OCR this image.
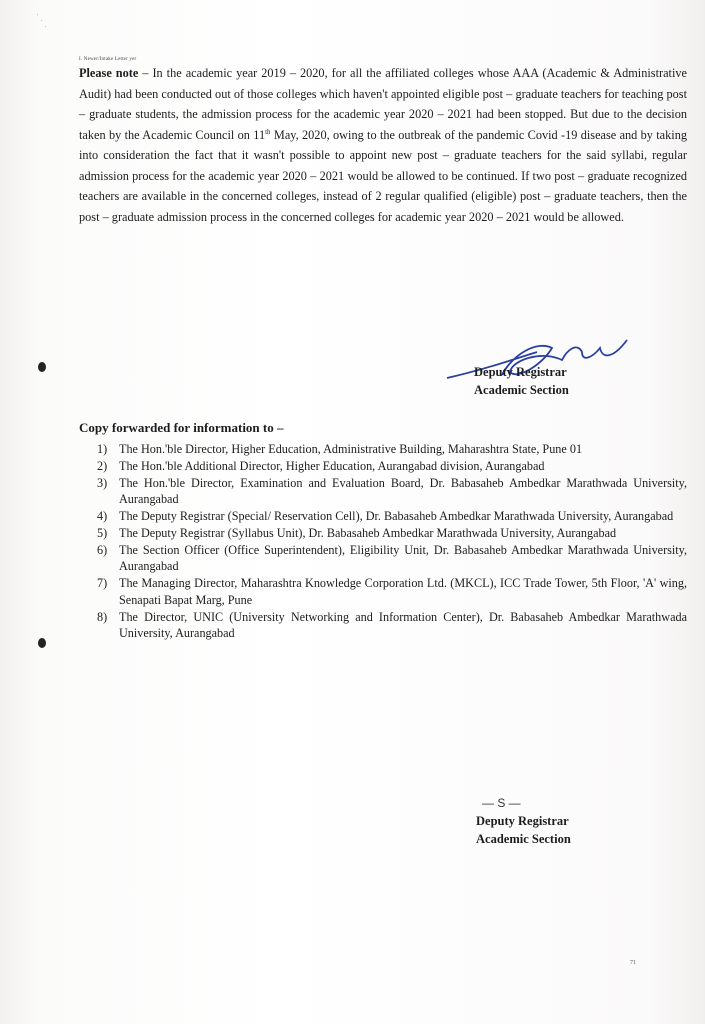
. . .
I. Newer/Intake Letter yer
Please note – In the academic year 2019 – 2020, for all the affiliated colleges whose AAA (Academic & Administrative Audit) had been conducted out of those colleges which haven't appointed eligible post – graduate teachers for teaching post – graduate students, the admission process for the academic year 2020 – 2021 had been stopped. But due to the decision taken by the Academic Council on 11th May, 2020, owing to the outbreak of the pandemic Covid -19 disease and by taking into consideration the fact that it wasn't possible to appoint new post – graduate teachers for the said syllabi, regular admission process for the academic year 2020 – 2021 would be allowed to be continued. If two post – graduate recognized teachers are available in the concerned colleges, instead of 2 regular qualified (eligible) post – graduate teachers, then the post – graduate admission process in the concerned colleges for academic year 2020 – 2021 would be allowed.
Deputy Registrar
Academic Section
Copy forwarded for information to –
1) The Hon.'ble Director, Higher Education, Administrative Building, Maharashtra State, Pune 01
2) The Hon.'ble Additional Director, Higher Education, Aurangabad division, Aurangabad
3) The Hon.'ble Director, Examination and Evaluation Board, Dr. Babasaheb Ambedkar Marathwada University, Aurangabad
4) The Deputy Registrar (Special/ Reservation Cell), Dr. Babasaheb Ambedkar Marathwada University, Aurangabad
5) The Deputy Registrar (Syllabus Unit), Dr. Babasaheb Ambedkar Marathwada University, Aurangabad
6) The Section Officer (Office Superintendent), Eligibility Unit, Dr. Babasaheb Ambedkar Marathwada University, Aurangabad
7) The Managing Director, Maharashtra Knowledge Corporation Ltd. (MKCL), ICC Trade Tower, 5th Floor, 'A' wing, Senapati Bapat Marg, Pune
8) The Director, UNIC (University Networking and Information Center), Dr. Babasaheb Ambedkar Marathwada University, Aurangabad
— S —
Deputy Registrar
Academic Section
71
